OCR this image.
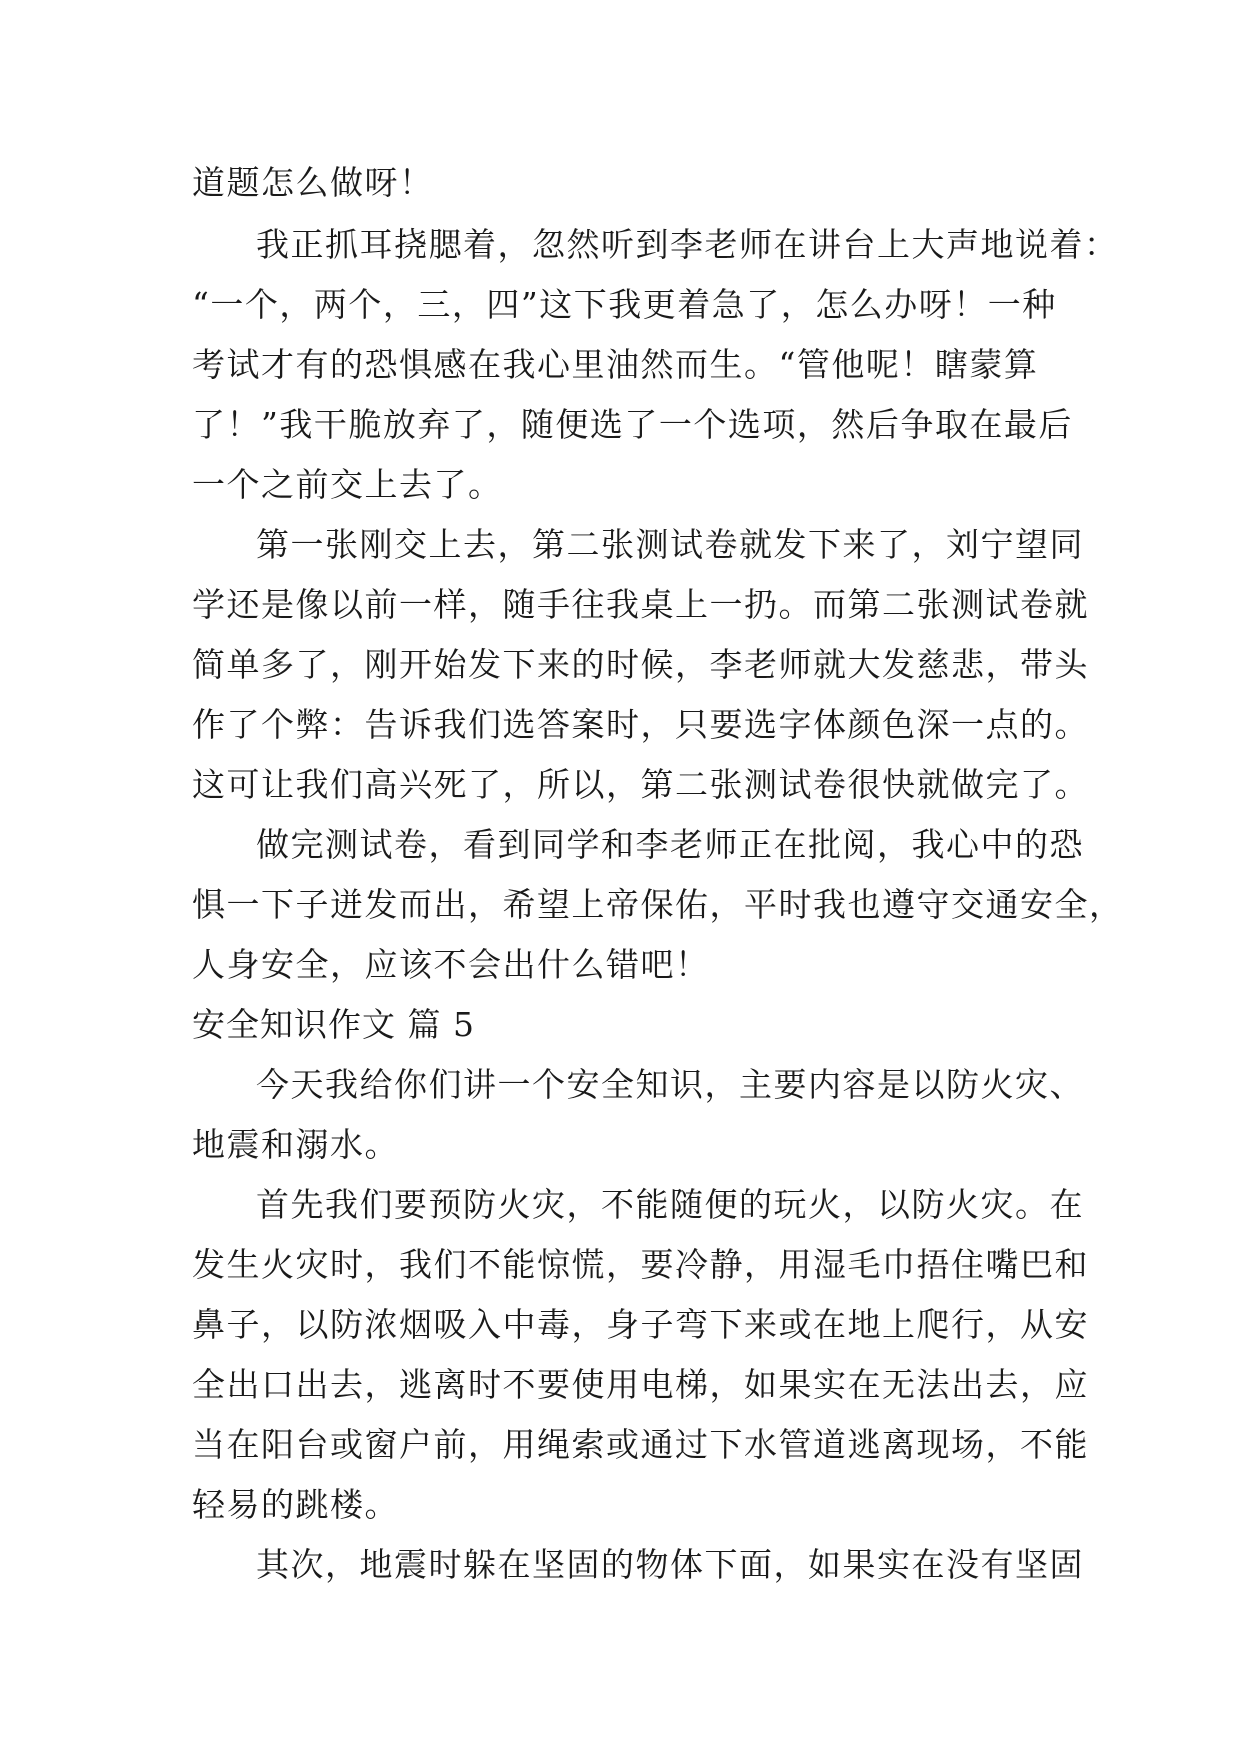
道题怎么做呀！
我正抓耳挠腮着，忽然听到李老师在讲台上大声地说着：
“一个，两个，三，四”这下我更着急了，怎么办呀！一种
考试才有的恐惧感在我心里油然而生。“管他呢！瞎蒙算
了！”我干脆放弃了，随便选了一个选项，然后争取在最后
一个之前交上去了。
第一张刚交上去，第二张测试卷就发下来了，刘宁望同
学还是像以前一样，随手往我桌上一扔。而第二张测试卷就
简单多了，刚开始发下来的时候，李老师就大发慈悲，带头
作了个弊：告诉我们选答案时，只要选字体颜色深一点的。
这可让我们高兴死了，所以，第二张测试卷很快就做完了。
做完测试卷，看到同学和李老师正在批阅，我心中的恐
惧一下子迸发而出，希望上帝保佑，平时我也遵守交通安全，
人身安全，应该不会出什么错吧！
安全知识作文 篇 5
今天我给你们讲一个安全知识，主要内容是以防火灾、
地震和溺水。
首先我们要预防火灾，不能随便的玩火，以防火灾。在
发生火灾时，我们不能惊慌，要冷静，用湿毛巾捂住嘴巴和
鼻子，以防浓烟吸入中毒，身子弯下来或在地上爬行，从安
全出口出去，逃离时不要使用电梯，如果实在无法出去，应
当在阳台或窗户前，用绳索或通过下水管道逃离现场，不能
轻易的跳楼。
其次，地震时躲在坚固的物体下面，如果实在没有坚固
